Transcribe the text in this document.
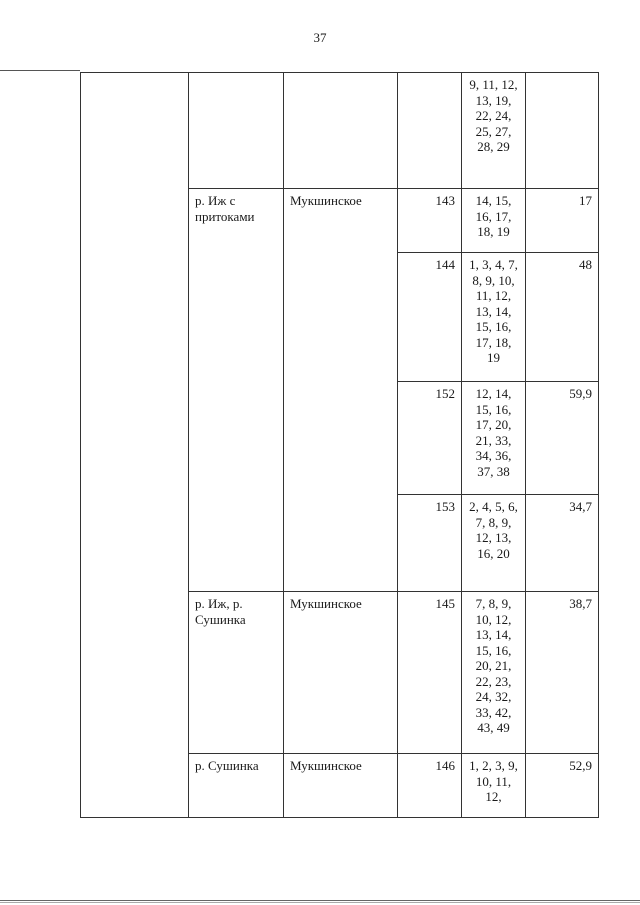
37
				9, 11, 12, 13, 19, 22, 24, 25, 27, 28, 29	
	р. Иж с притоками	Мукшинское	143	14, 15, 16, 17, 18, 19	17
			144	1, 3, 4, 7, 8, 9, 10, 11, 12, 13, 14, 15, 16, 17, 18, 19	48
			152	12, 14, 15, 16, 17, 20, 21, 33, 34, 36, 37, 38	59,9
			153	2, 4, 5, 6, 7, 8, 9, 12, 13, 16, 20	34,7
	р. Иж, р. Сушинка	Мукшинское	145	7, 8, 9, 10, 12, 13, 14, 15, 16, 20, 21, 22, 23, 24, 32, 33, 42, 43, 49	38,7
	р. Сушинка	Мукшинское	146	1, 2, 3, 9, 10, 11, 12,	52,9
